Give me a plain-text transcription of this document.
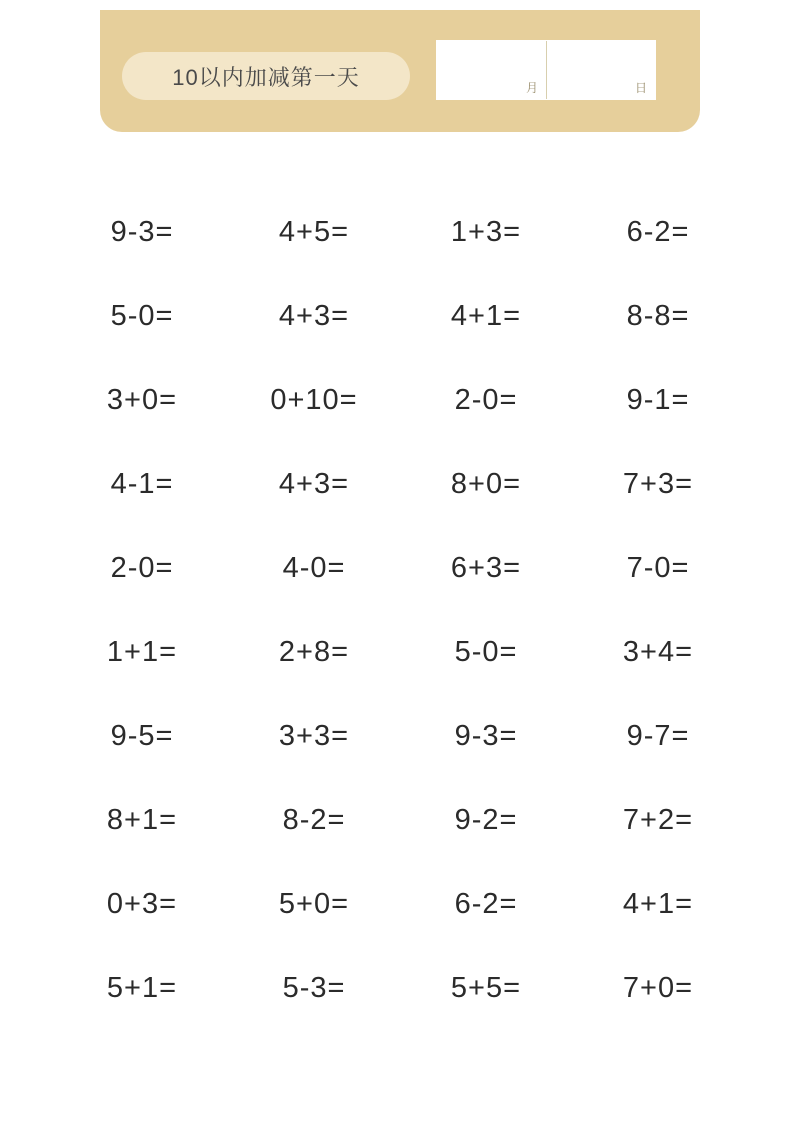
10以内加减第一天	月	日
9-3=	4+5=	1+3=	6-2=
5-0=	4+3=	4+1=	8-8=
3+0=	0+10=	2-0=	9-1=
4-1=	4+3=	8+0=	7+3=
2-0=	4-0=	6+3=	7-0=
1+1=	2+8=	5-0=	3+4=
9-5=	3+3=	9-3=	9-7=
8+1=	8-2=	9-2=	7+2=
0+3=	5+0=	6-2=	4+1=
5+1=	5-3=	5+5=	7+0=
